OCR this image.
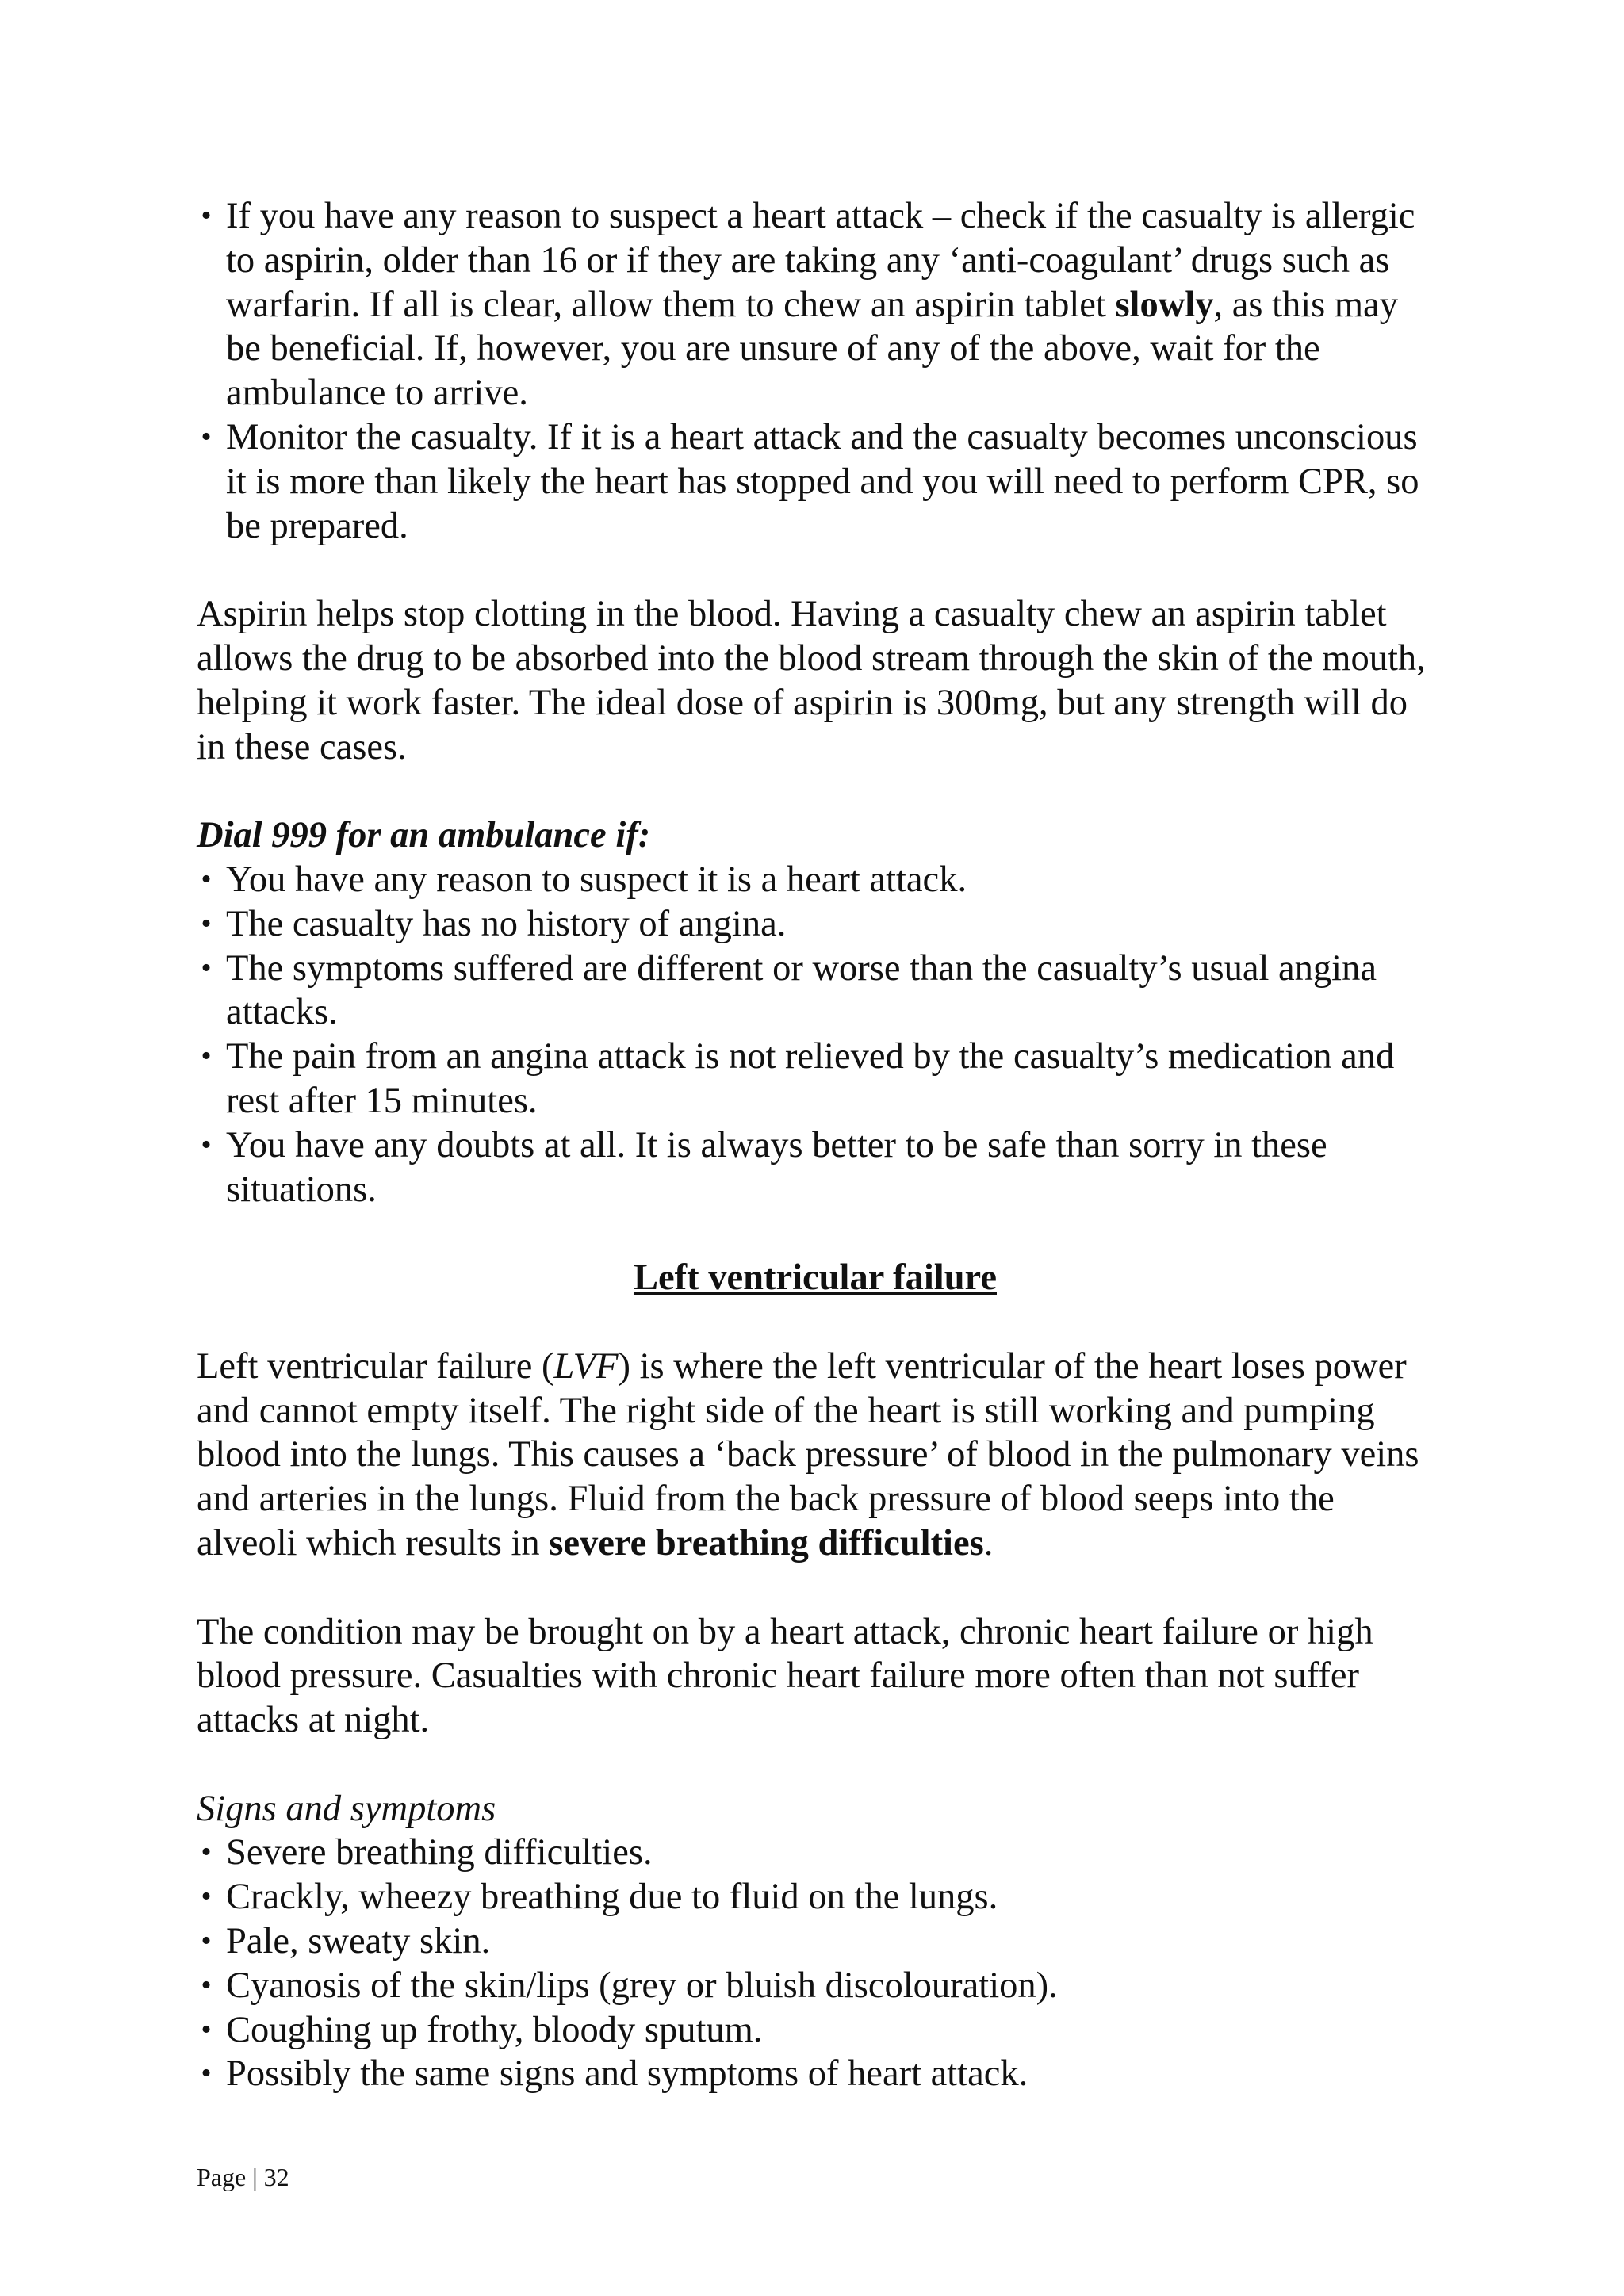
• If you have any reason to suspect a heart attack – check if the casualty is allergic to aspirin, older than 16 or if they are taking any ‘anti-coagulant’ drugs such as warfarin. If all is clear, allow them to chew an aspirin tablet slowly, as this may be beneficial. If, however, you are unsure of any of the above, wait for the ambulance to arrive.
• Monitor the casualty. If it is a heart attack and the casualty becomes unconscious it is more than likely the heart has stopped and you will need to perform CPR, so be prepared.

Aspirin helps stop clotting in the blood. Having a casualty chew an aspirin tablet allows the drug to be absorbed into the blood stream through the skin of the mouth, helping it work faster. The ideal dose of aspirin is 300mg, but any strength will do in these cases.

Dial 999 for an ambulance if:

• You have any reason to suspect it is a heart attack.
• The casualty has no history of angina.
• The symptoms suffered are different or worse than the casualty’s usual angina attacks.
• The pain from an angina attack is not relieved by the casualty’s medication and rest after 15 minutes.
• You have any doubts at all. It is always better to be safe than sorry in these situations.

Left ventricular failure

Left ventricular failure (LVF) is where the left ventricular of the heart loses power and cannot empty itself. The right side of the heart is still working and pumping blood into the lungs. This causes a ‘back pressure’ of blood in the pulmonary veins and arteries in the lungs. Fluid from the back pressure of blood seeps into the alveoli which results in severe breathing difficulties.

The condition may be brought on by a heart attack, chronic heart failure or high blood pressure. Casualties with chronic heart failure more often than not suffer attacks at night.

Signs and symptoms

• Severe breathing difficulties.
• Crackly, wheezy breathing due to fluid on the lungs.
• Pale, sweaty skin.
• Cyanosis of the skin/lips (grey or bluish discolouration).
• Coughing up frothy, bloody sputum.
• Possibly the same signs and symptoms of heart attack.
Page | 32
